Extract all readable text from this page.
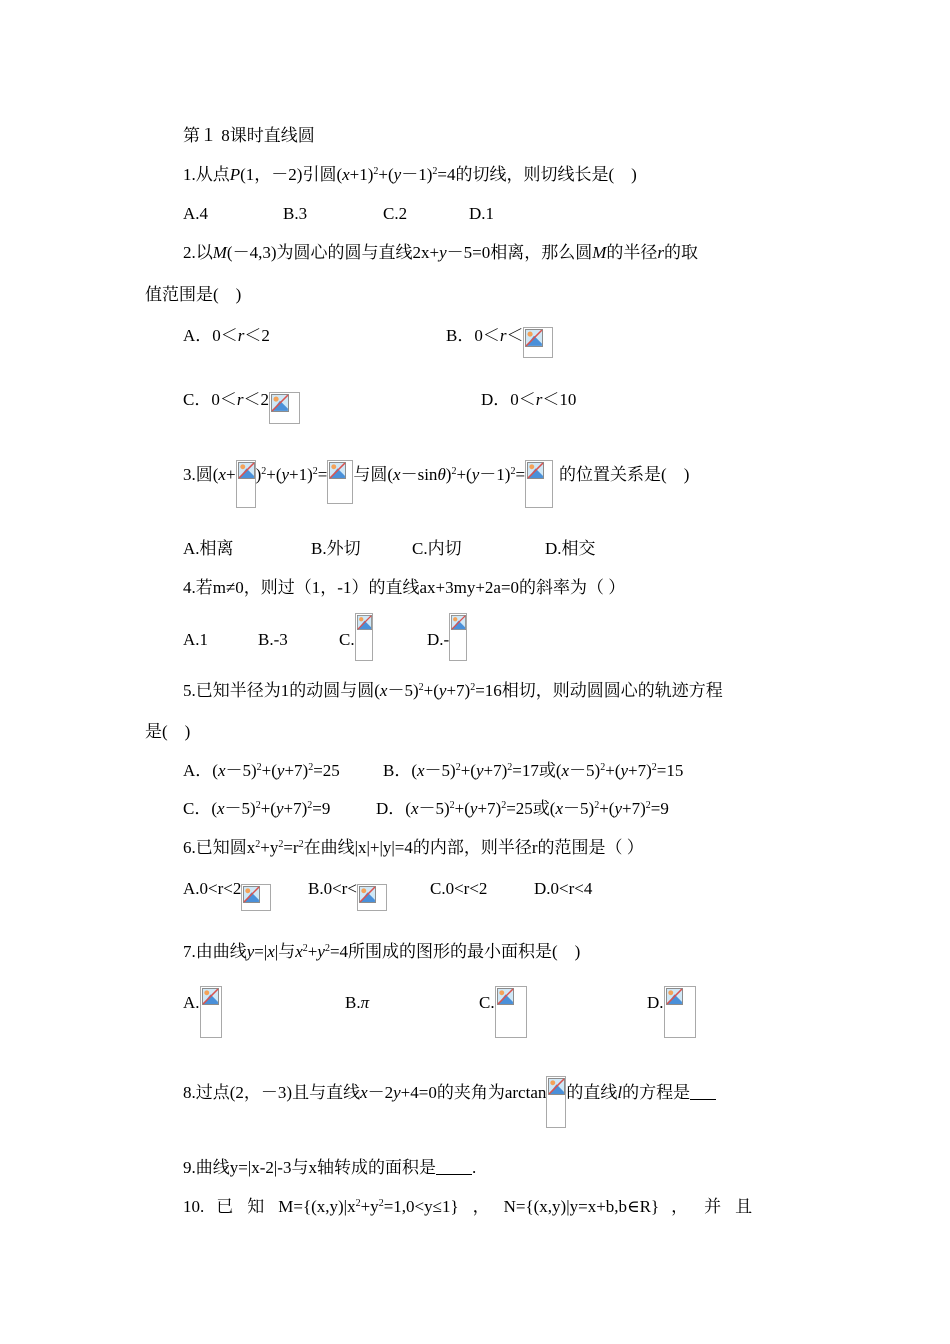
第１ 8课时直线圆
1.从点P(1，－2)引圆$(x+1)^2+(y-1)^2=4$的切线，则切线长是(　)
A.4	B.3	C.2	D.1
2.以M(－4,3)为圆心的圆与直线2x+y－5=0相离，那么圆M的半径r的取
值范围是(　)
A．0＜r＜2	B．0＜r＜
C．0＜r＜2	D．0＜r＜10
3.圆$(x+ )^2+(y+1)^2=$ 与圆$(x-\sin\theta)^2+(y-1)^2=$ 的位置关系是(　)
A.相离	B.外切	C.内切	D.相交
4.若m≠0，则过（1，-1）的直线ax+3my+2a=0的斜率为（ ）
A.1	B.-3	C.	D.-
5.已知半径为1的动圆与圆$(x-5)^2+(y+7)^2=16$相切，则动圆圆心的轨迹方程
是(　)
A．$(x-5)^2+(y+7)^2=25$	B．$(x-5)^2+(y+7)^2=17$或$(x-5)^2+(y+7)^2=15$
C．$(x-5)^2+(y+7)^2=9$	D．$(x-5)^2+(y+7)^2=25$或$(x-5)^2+(y+7)^2=9$
6.已知圆$x^2+y^2=r^2$在曲线|x|+|y|=4的内部，则半径r的范围是（ ）
A.0<r<2	B.0<r<	C.0<r<2	D.0<r<4
7.由曲线y=|x|与$x^2+y^2=4$所围成的图形的最小面积是(　)
A.	B.π	C.	D.
8.过点(2，－3)且与直线x－2y+4=0的夹角为arctan 的直线l的方程是
9.曲线y=|x-2|-3与x轴转成的面积是 .
10. 已 知 $M=\{(x,y)|x^2+y^2=1,0<y\le 1\}$ ， N={(x,y)|y=x+b,b∈R} ， 并 且
